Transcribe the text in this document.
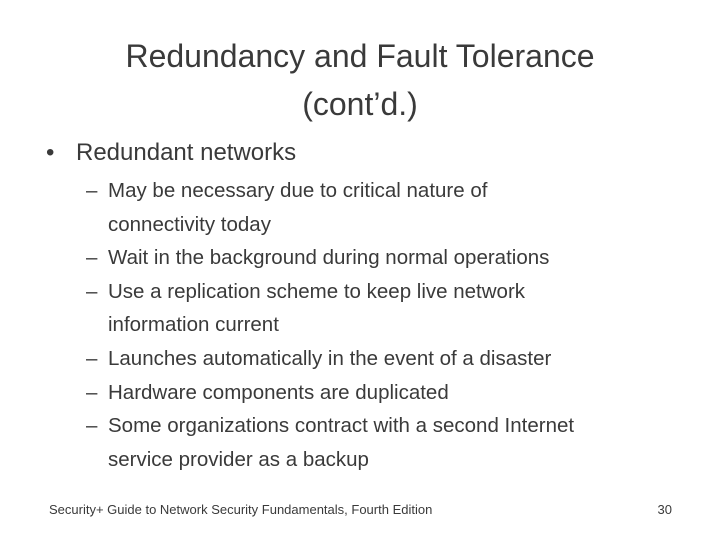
Redundancy and Fault Tolerance
(cont’d.)
• Redundant networks
– May be necessary due to critical nature of
connectivity today
– Wait in the background during normal operations
– Use a replication scheme to keep live network
information current
– Launches automatically in the event of a disaster
– Hardware components are duplicated
– Some organizations contract with a second Internet
service provider as a backup
Security+ Guide to Network Security Fundamentals, Fourth Edition	30
